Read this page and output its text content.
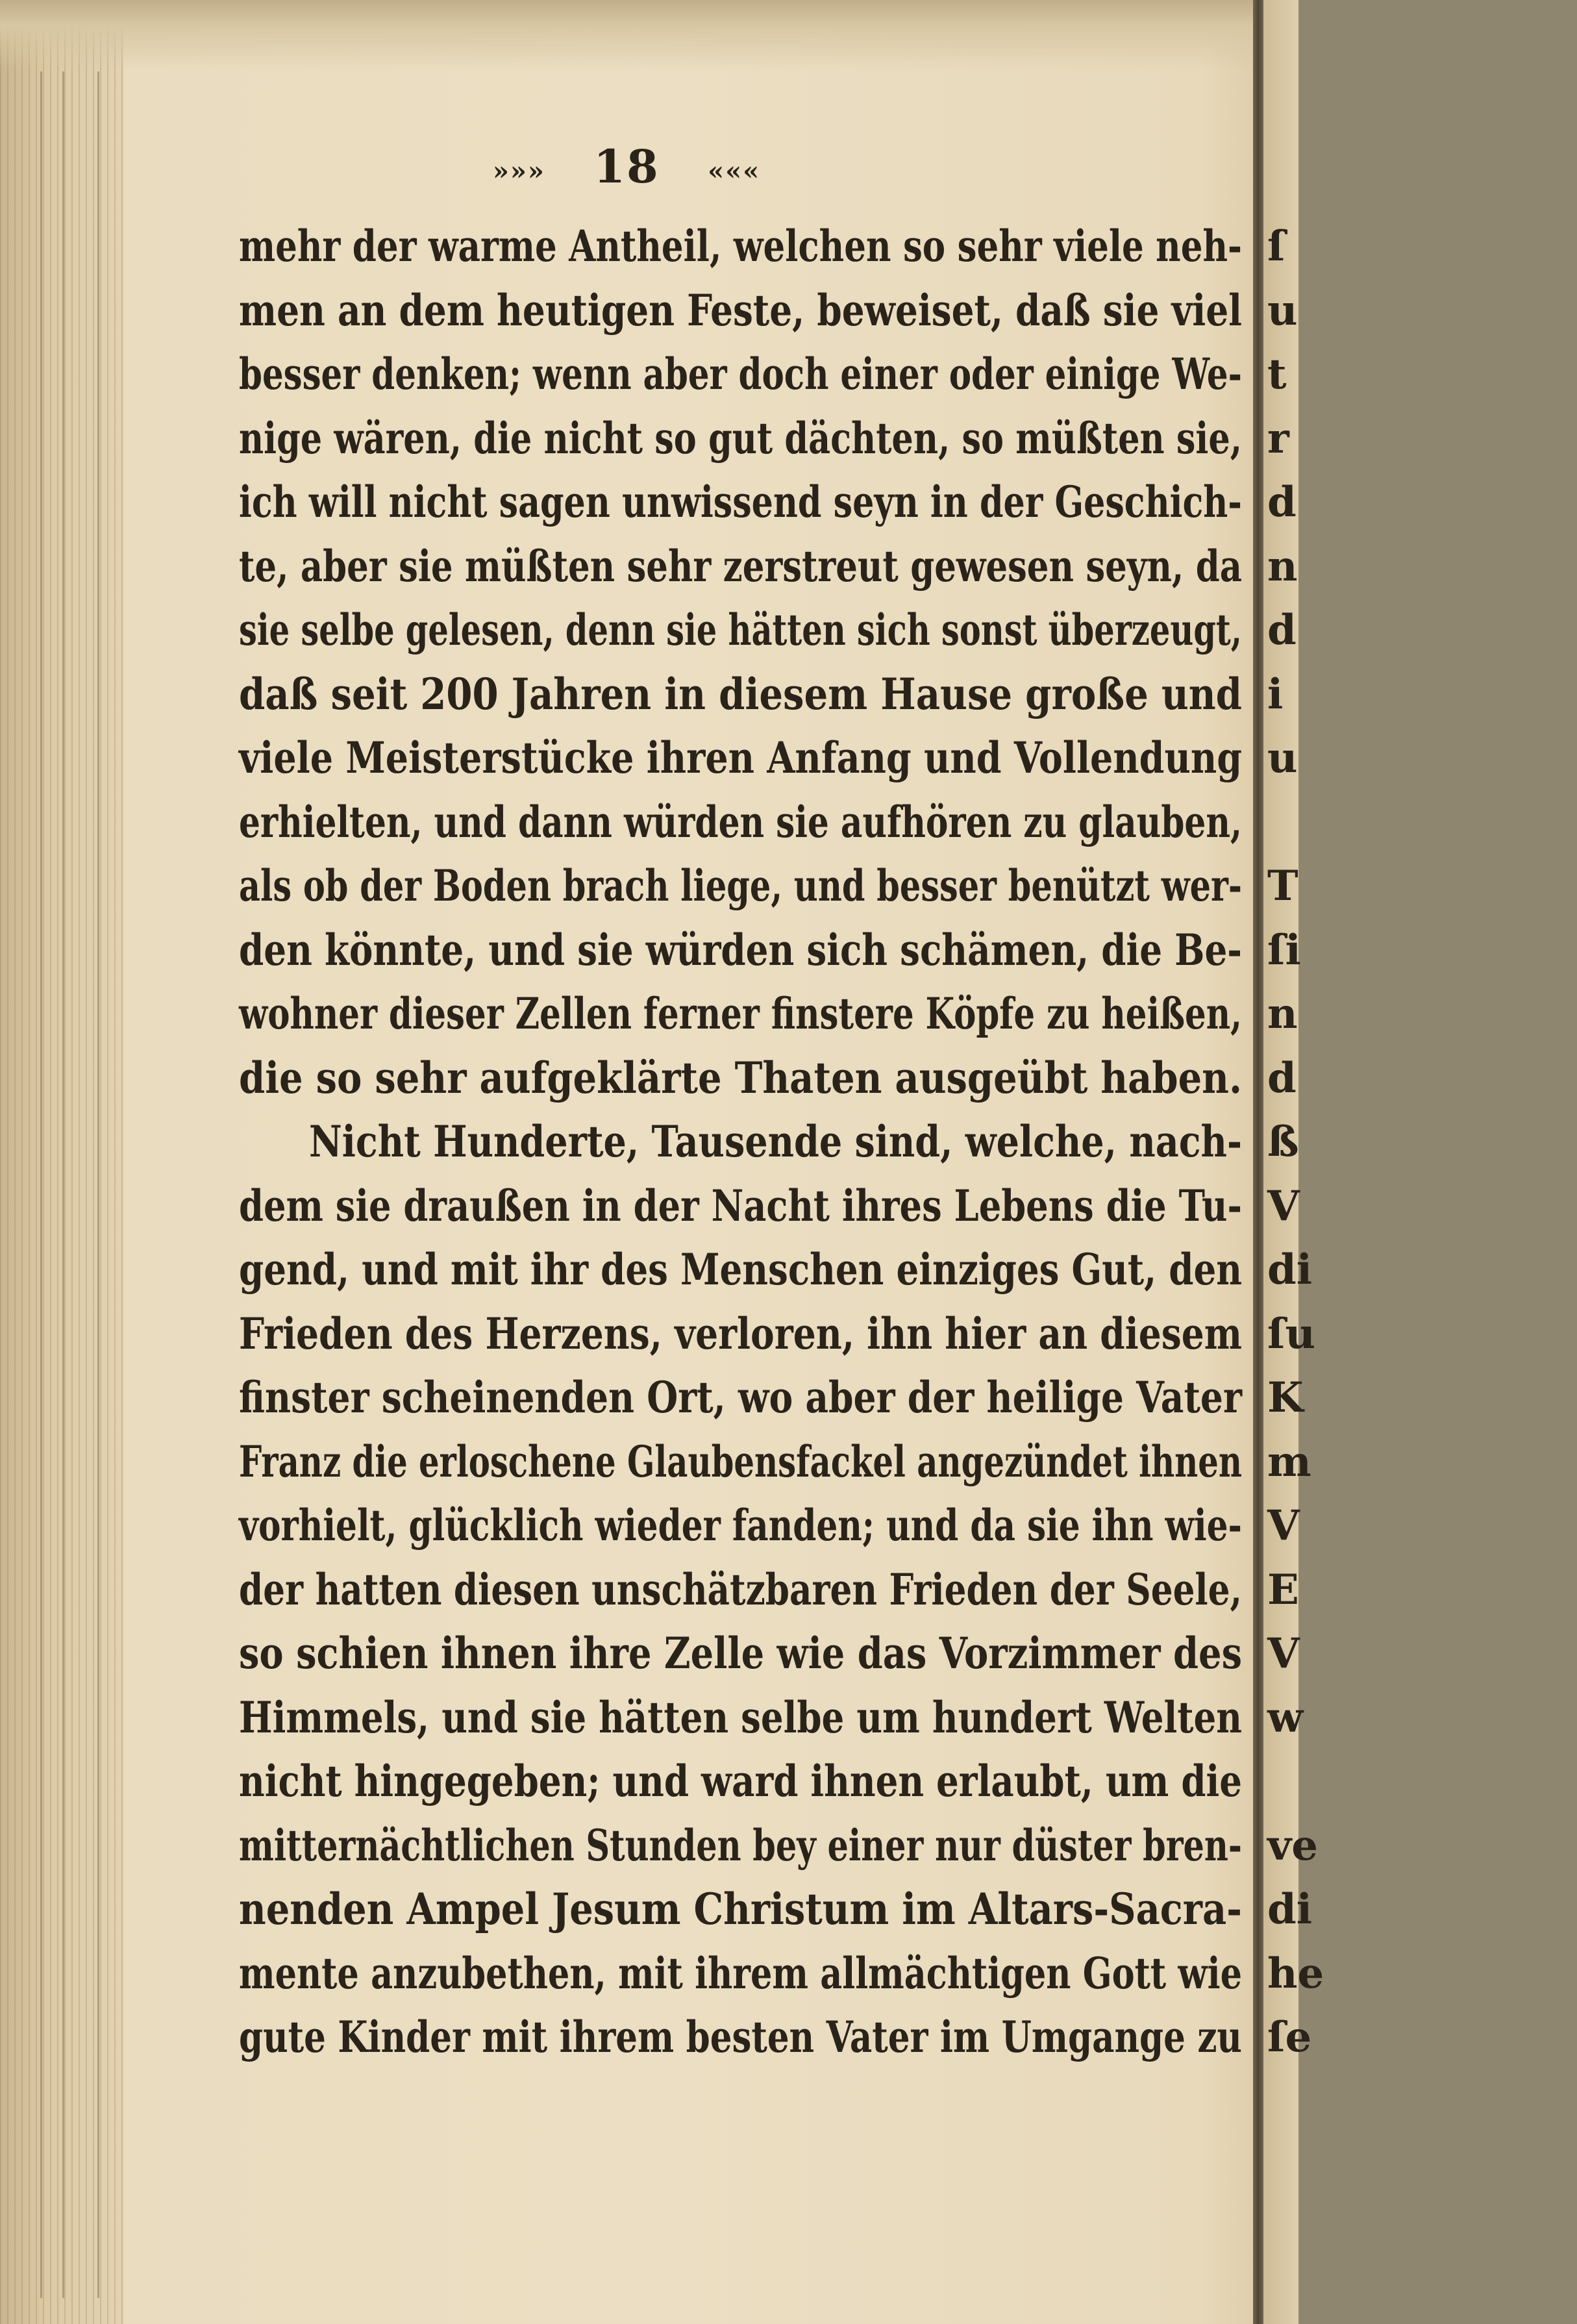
»»» 18 «««
mehr der warme Antheil, welchen so sehr viele neh-
men an dem heutigen Feste, beweiset, daß sie viel
besser denken; wenn aber doch einer oder einige We-
nige wären, die nicht so gut dächten, so müßten sie,
ich will nicht sagen unwissend seyn in der Geschich-
te, aber sie müßten sehr zerstreut gewesen seyn, da
sie selbe gelesen, denn sie hätten sich sonst überzeugt,
daß seit 200 Jahren in diesem Hause große und
viele Meisterstücke ihren Anfang und Vollendung
erhielten, und dann würden sie aufhören zu glauben,
als ob der Boden brach liege, und besser benützt wer-
den könnte, und sie würden sich schämen, die Be-
wohner dieser Zellen ferner finstere Köpfe zu heißen,
die so sehr aufgeklärte Thaten ausgeübt haben.
Nicht Hunderte, Tausende sind, welche, nach-
dem sie draußen in der Nacht ihres Lebens die Tu-
gend, und mit ihr des Menschen einziges Gut, den
Frieden des Herzens, verloren, ihn hier an diesem
finster scheinenden Ort, wo aber der heilige Vater
Franz die erloschene Glaubensfackel angezündet ihnen
vorhielt, glücklich wieder fanden; und da sie ihn wie-
der hatten diesen unschätzbaren Frieden der Seele,
so schien ihnen ihre Zelle wie das Vorzimmer des
Himmels, und sie hätten selbe um hundert Welten
nicht hingegeben; und ward ihnen erlaubt, um die
mitternächtlichen Stunden bey einer nur düster bren-
nenden Ampel Jesum Christum im Altars-Sacra-
mente anzubethen, mit ihrem allmächtigen Gott wie
gute Kinder mit ihrem besten Vater im Umgange zu
ſ
u
t
r
d
n
d
i
u
T
ſi
n
d
ß
V
di
ſu
K
m
V
E
V
w
ve
di
he
ſe
